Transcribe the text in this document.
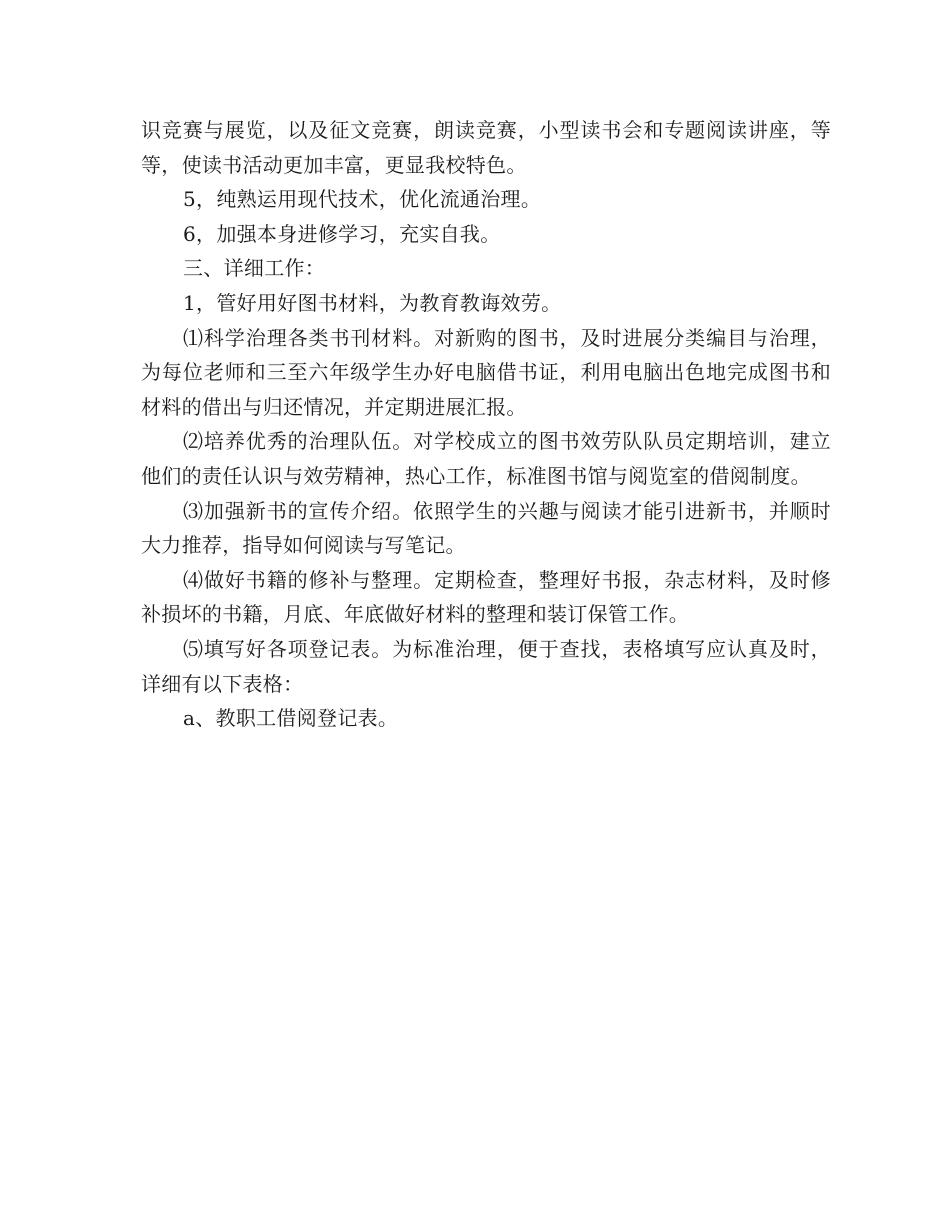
识竞赛与展览，以及征文竞赛，朗读竞赛，小型读书会和专题阅读讲座，等等，使读书活动更加丰富，更显我校特色。

5，纯熟运用现代技术，优化流通治理。

6，加强本身进修学习，充实自我。

三、详细工作：

1，管好用好图书材料，为教育教诲效劳。

⑴科学治理各类书刊材料。对新购的图书，及时进展分类编目与治理，为每位老师和三至六年级学生办好电脑借书证，利用电脑出色地完成图书和材料的借出与归还情况，并定期进展汇报。

⑵培养优秀的治理队伍。对学校成立的图书效劳队队员定期培训，建立他们的责任认识与效劳精神，热心工作，标准图书馆与阅览室的借阅制度。

⑶加强新书的宣传介绍。依照学生的兴趣与阅读才能引进新书，并顺时大力推荐，指导如何阅读与写笔记。

⑷做好书籍的修补与整理。定期检查，整理好书报，杂志材料，及时修补损坏的书籍，月底、年底做好材料的整理和装订保管工作。

⑸填写好各项登记表。为标准治理，便于查找，表格填写应认真及时，详细有以下表格：

a、教职工借阅登记表。
